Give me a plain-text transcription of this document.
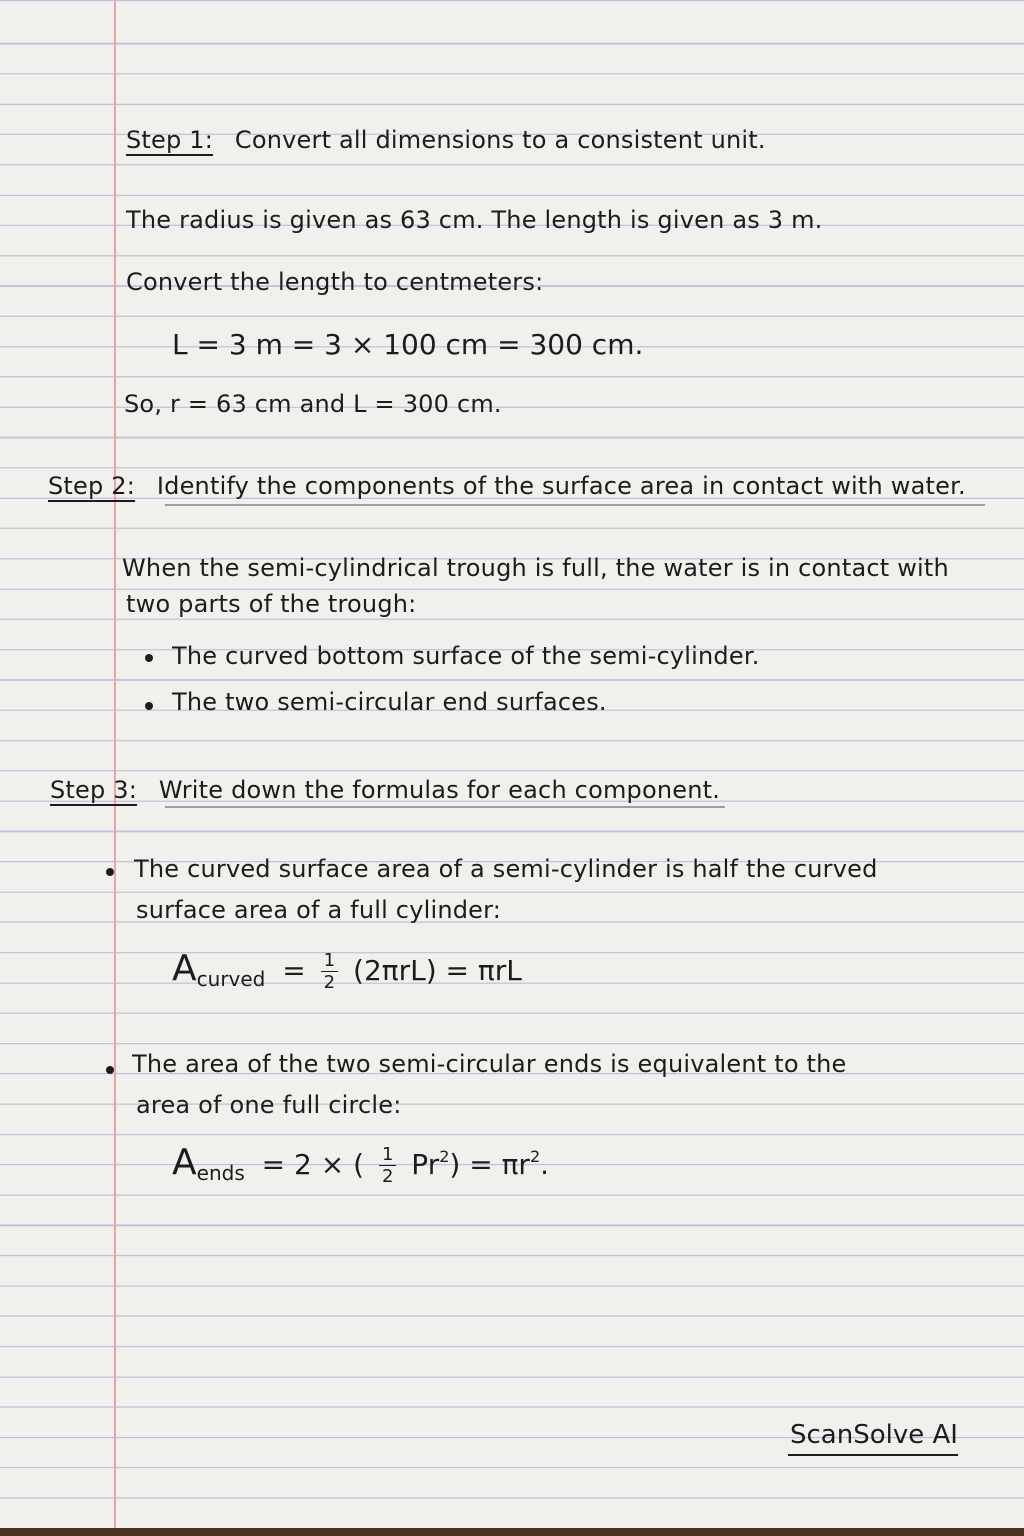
Step 1: Convert all dimensions to a consistent unit.
The radius is given as 63 cm. The length is given as 3 m.
Convert the length to centmeters:
L = 3 m = 3 × 100 cm = 300 cm.
So, r = 63 cm and L = 300 cm.
Step 2: Identify the components of the surface area in contact with water.
When the semi-cylindrical trough is full, the water is in contact with
two parts of the trough:
The curved bottom surface of the semi-cylinder.
The two semi-circular end surfaces.
Step 3: Write down the formulas for each component.
The curved surface area of a semi-cylinder is half the curved
surface area of a full cylinder:
$A_{curved} = \frac{1}{2} (2\pi rL) = \pi rL$
The area of the two semi-circular ends is equivalent to the
area of one full circle:
$A_{ends} = 2$ × ( $\frac{1}{2} Pr^2) = \pi r^2$.
ScanSolve AI
